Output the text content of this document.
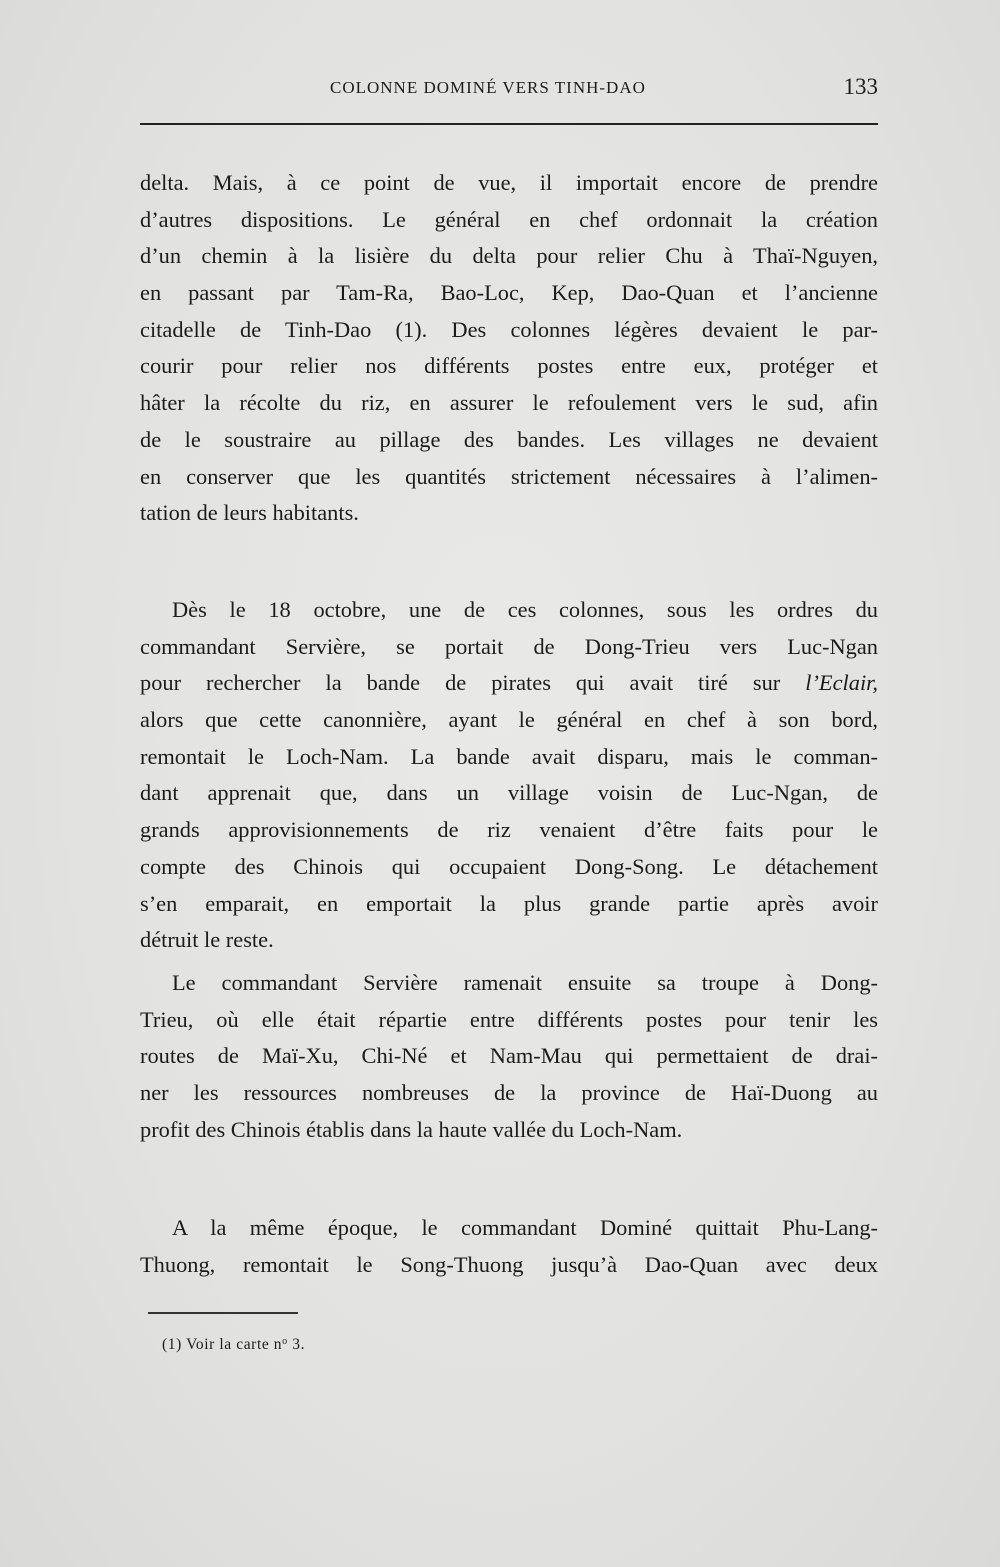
COLONNE DOMINÉ VERS TINH-DAO	133
delta. Mais, à ce point de vue, il importait encore de prendre
d’autres dispositions. Le général en chef ordonnait la création
d’un chemin à la lisière du delta pour relier Chu à Thaï-Nguyen,
en passant par Tam-Ra, Bao-Loc, Kep, Dao-Quan et l’ancienne
citadelle de Tinh-Dao (1). Des colonnes légères devaient le par-
courir pour relier nos différents postes entre eux, protéger et
hâter la récolte du riz, en assurer le refoulement vers le sud, afin
de le soustraire au pillage des bandes. Les villages ne devaient
en conserver que les quantités strictement nécessaires à l’alimen-
tation de leurs habitants.
Dès le 18 octobre, une de ces colonnes, sous les ordres du
commandant Servière, se portait de Dong-Trieu vers Luc-Ngan
pour rechercher la bande de pirates qui avait tiré sur l’Eclair,
alors que cette canonnière, ayant le général en chef à son bord,
remontait le Loch-Nam. La bande avait disparu, mais le comman-
dant apprenait que, dans un village voisin de Luc-Ngan, de
grands approvisionnements de riz venaient d’être faits pour le
compte des Chinois qui occupaient Dong-Song. Le détachement
s’en emparait, en emportait la plus grande partie après avoir
détruit le reste.
Le commandant Servière ramenait ensuite sa troupe à Dong-
Trieu, où elle était répartie entre différents postes pour tenir les
routes de Maï-Xu, Chi-Né et Nam-Mau qui permettaient de drai-
ner les ressources nombreuses de la province de Haï-Duong au
profit des Chinois établis dans la haute vallée du Loch-Nam.
A la même époque, le commandant Dominé quittait Phu-Lang-
Thuong, remontait le Song-Thuong jusqu’à Dao-Quan avec deux
(1) Voir la carte $n^o$ 3.
